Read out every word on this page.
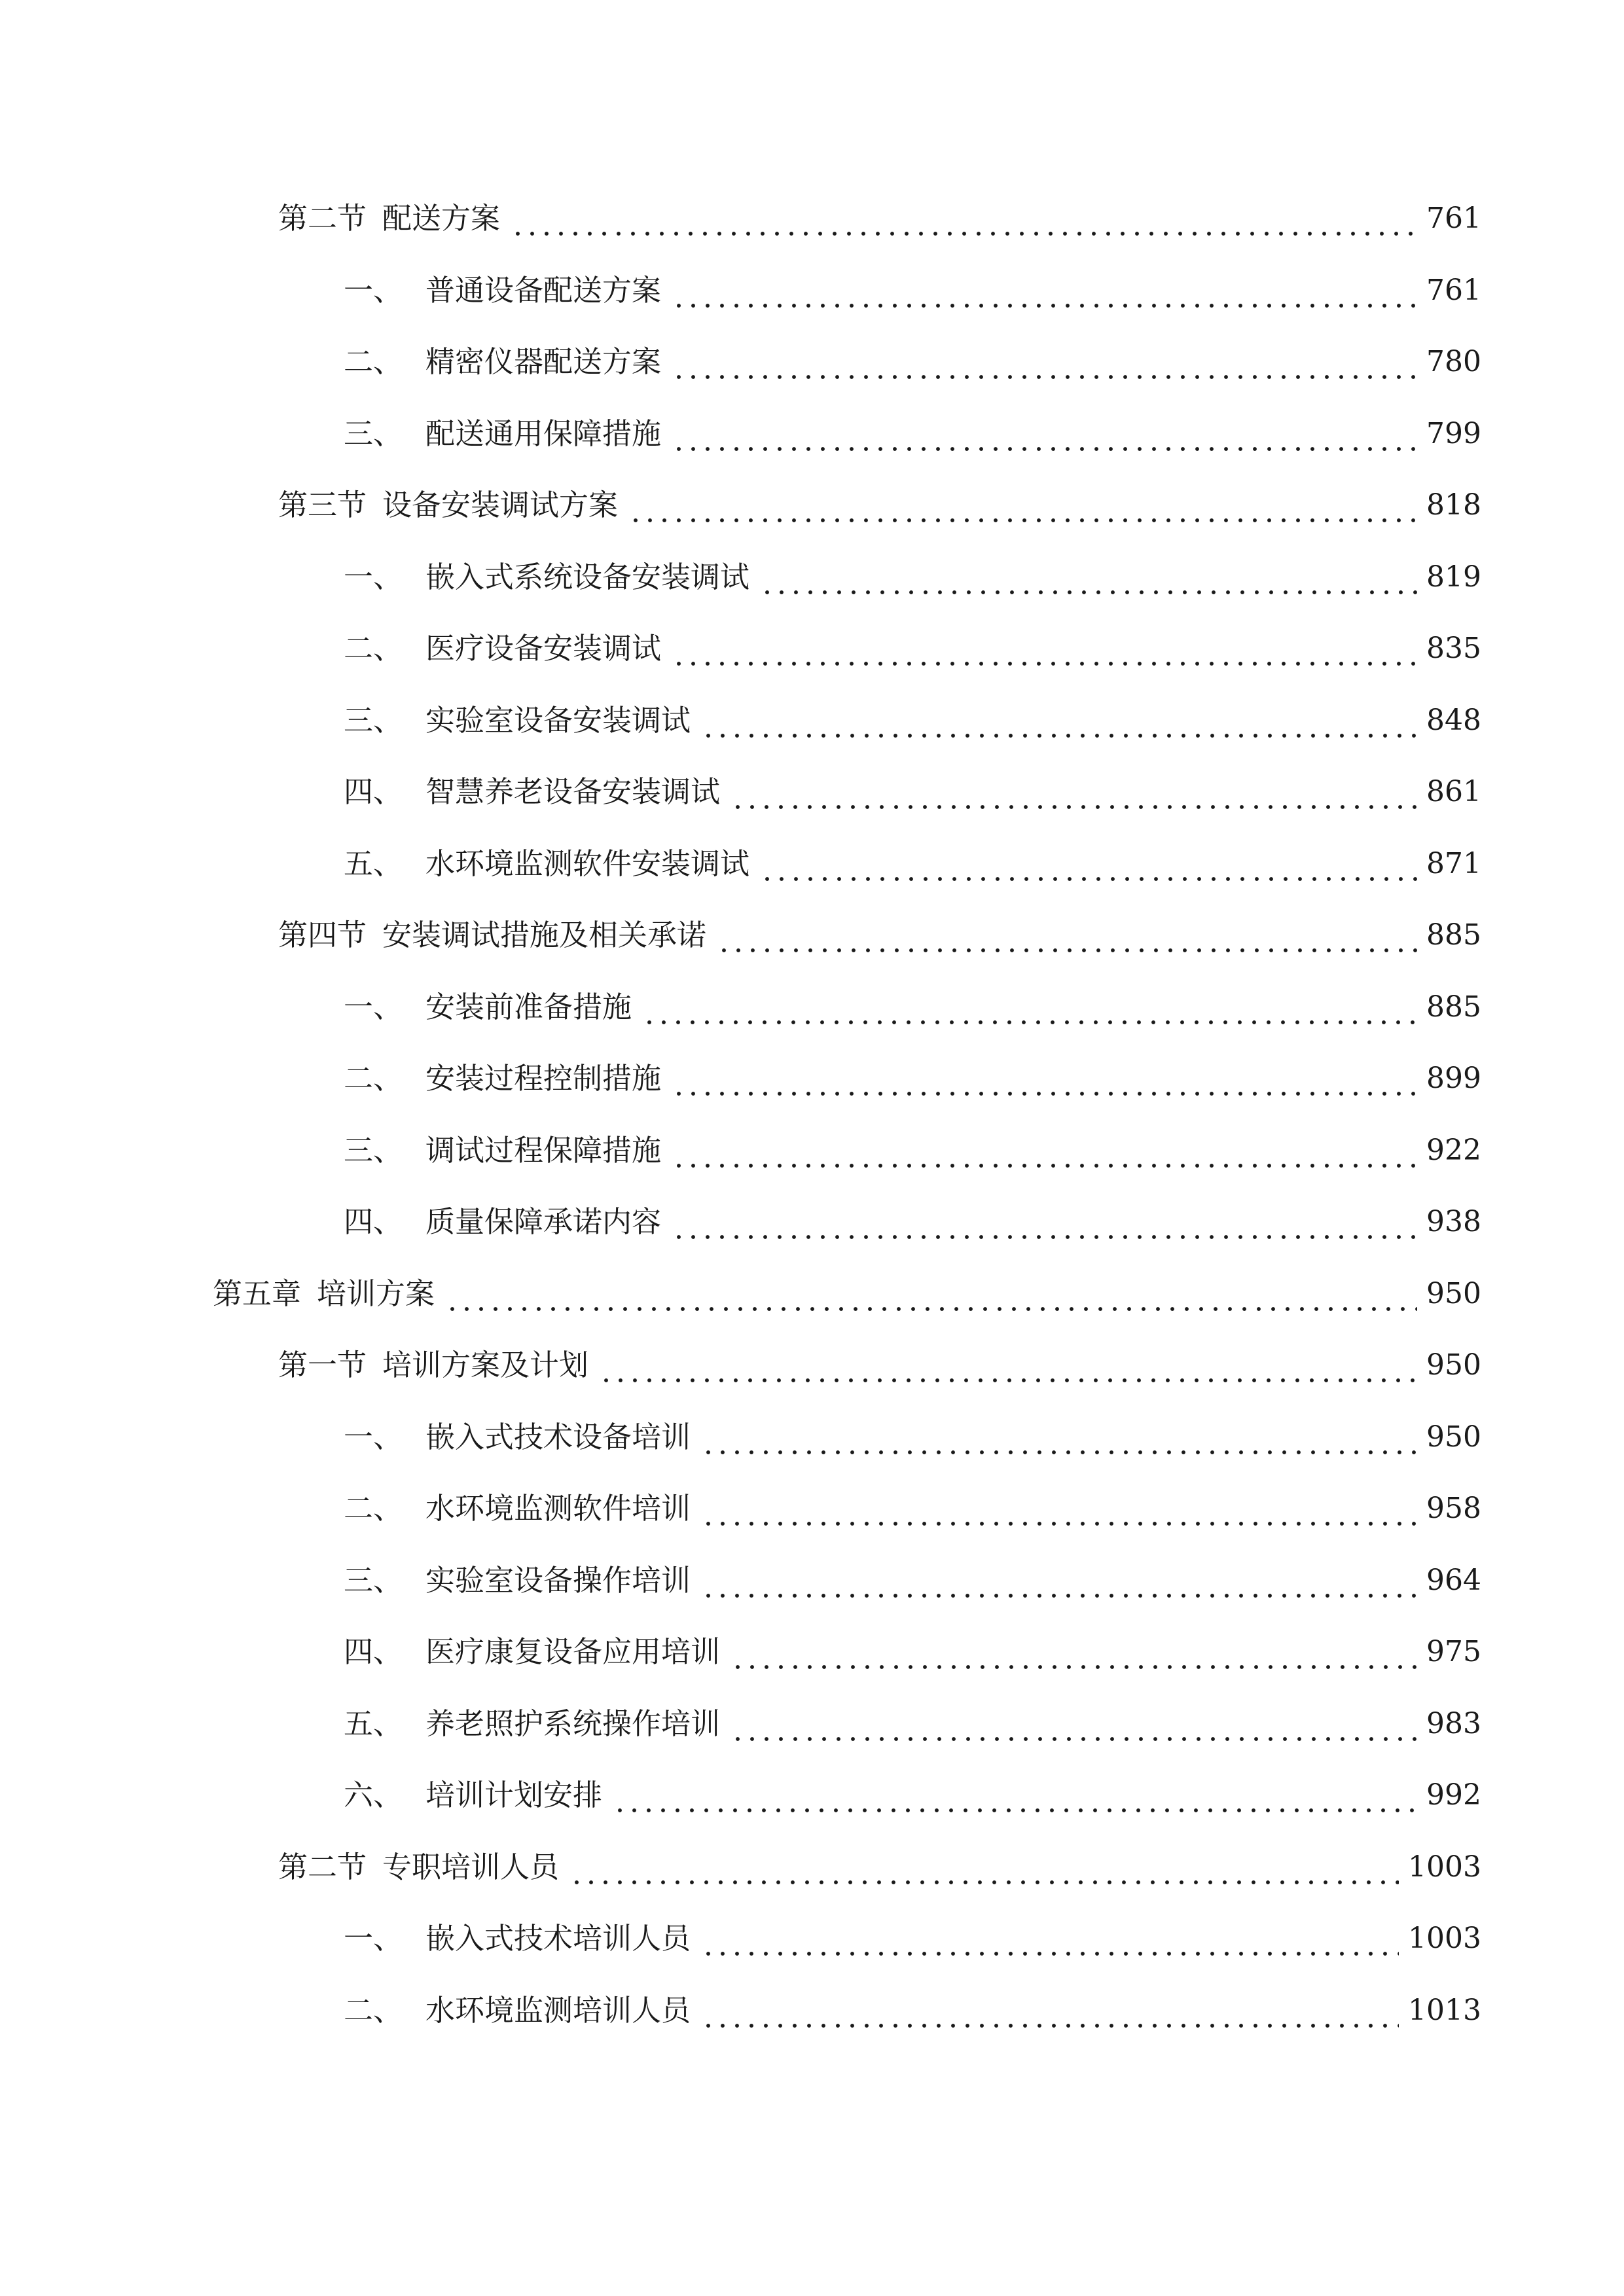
第二节 配送方案	761
一、 普通设备配送方案	761
二、 精密仪器配送方案	780
三、 配送通用保障措施	799
第三节 设备安装调试方案	818
一、 嵌入式系统设备安装调试	819
二、 医疗设备安装调试	835
三、 实验室设备安装调试	848
四、 智慧养老设备安装调试	861
五、 水环境监测软件安装调试	871
第四节 安装调试措施及相关承诺	885
一、 安装前准备措施	885
二、 安装过程控制措施	899
三、 调试过程保障措施	922
四、 质量保障承诺内容	938
第五章 培训方案	950
第一节 培训方案及计划	950
一、 嵌入式技术设备培训	950
二、 水环境监测软件培训	958
三、 实验室设备操作培训	964
四、 医疗康复设备应用培训	975
五、 养老照护系统操作培训	983
六、 培训计划安排	992
第二节 专职培训人员	1003
一、 嵌入式技术培训人员	1003
二、 水环境监测培训人员	1013
